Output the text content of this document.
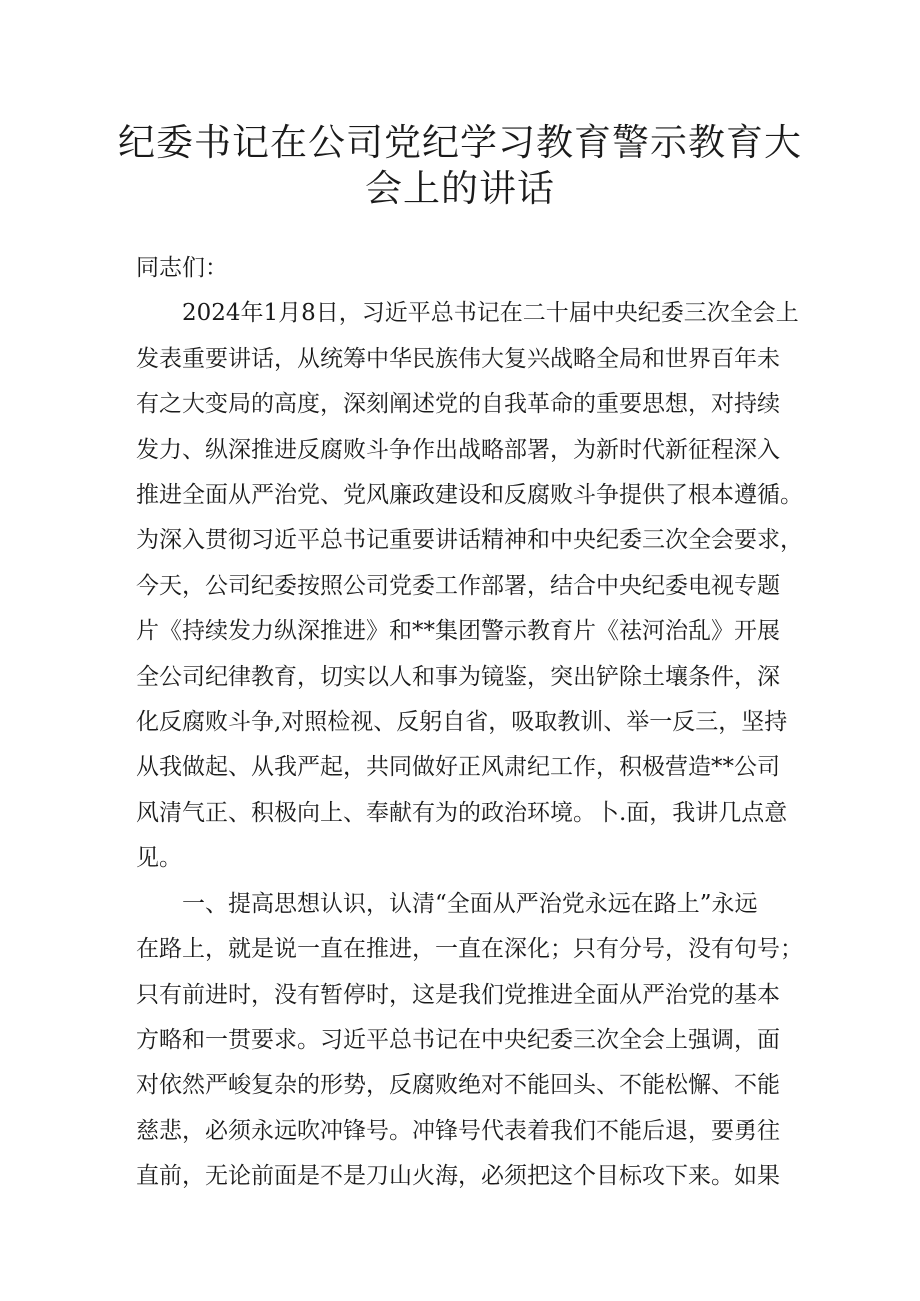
纪委书记在公司党纪学习教育警示教育大
会上的讲话

同志们：

2024年1月8日，习近平总书记在二十届中央纪委三次全会上
发表重要讲话，从统筹中华民族伟大复兴战略全局和世界百年未
有之大变局的高度，深刻阐述党的自我革命的重要思想，对持续
发力、纵深推进反腐败斗争作出战略部署，为新时代新征程深入
推进全面从严治党、党风廉政建设和反腐败斗争提供了根本遵循。
为深入贯彻习近平总书记重要讲话精神和中央纪委三次全会要求，
今天，公司纪委按照公司党委工作部署，结合中央纪委电视专题
片《持续发力纵深推进》和**集团警示教育片《祛河治乱》开展
全公司纪律教育，切实以人和事为镜鉴，突出铲除土壤条件，深
化反腐败斗争,对照检视、反躬自省，吸取教训、举一反三，坚持
从我做起、从我严起，共同做好正风肃纪工作，积极营造**公司
风清气正、积极向上、奉献有为的政治环境。卜.面，我讲几点意
见。

一、提高思想认识，认清“全面从严治党永远在路上”永远
在路上，就是说一直在推进，一直在深化；只有分号，没有句号；
只有前进时，没有暂停时，这是我们党推进全面从严治党的基本
方略和一贯要求。习近平总书记在中央纪委三次全会上强调，面
对依然严峻复杂的形势，反腐败绝对不能回头、不能松懈、不能
慈悲，必须永远吹冲锋号。冲锋号代表着我们不能后退，要勇往
直前，无论前面是不是刀山火海，必须把这个目标攻下来。如果
